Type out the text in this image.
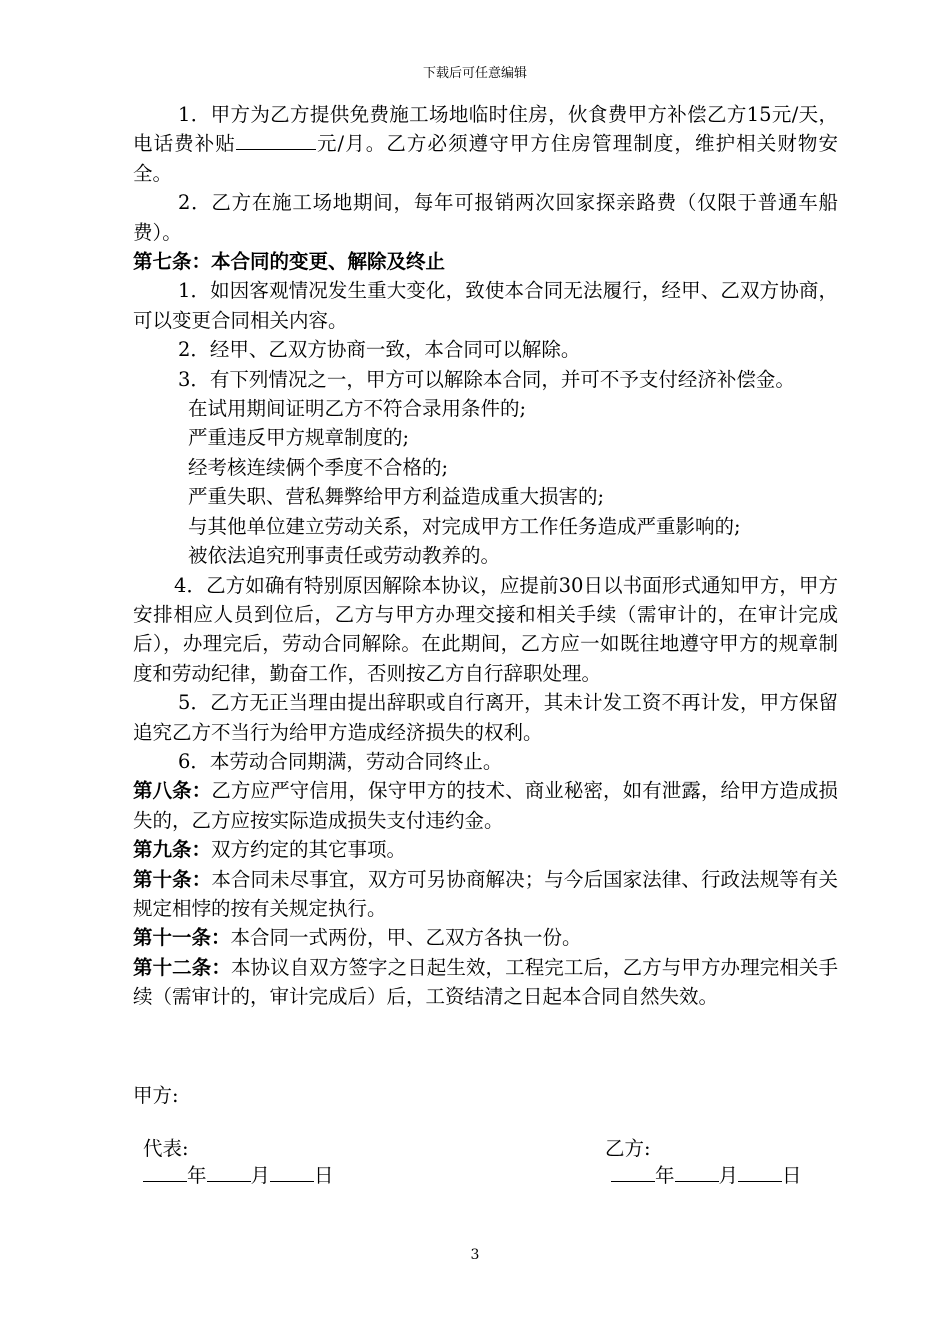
下载后可任意编辑

1．甲方为乙方提供免费施工场地临时住房，伙食费甲方补偿乙方15元/天，电话费补贴	元/月。乙方必须遵守甲方住房管理制度，维护相关财物安全。

2．乙方在施工场地期间，每年可报销两次回家探亲路费（仅限于普通车船费）。

第七条：本合同的变更、解除及终止

1．如因客观情况发生重大变化，致使本合同无法履行，经甲、乙双方协商，可以变更合同相关内容。

2．经甲、乙双方协商一致，本合同可以解除。

3．有下列情况之一，甲方可以解除本合同，并可不予支付经济补偿金。

在试用期间证明乙方不符合录用条件的;

严重违反甲方规章制度的;

经考核连续俩个季度不合格的;

严重失职、营私舞弊给甲方利益造成重大损害的;

与其他单位建立劳动关系，对完成甲方工作任务造成严重影响的;

被依法追究刑事责任或劳动教养的。

4．乙方如确有特别原因解除本协议，应提前30日以书面形式通知甲方，甲方安排相应人员到位后，乙方与甲方办理交接和相关手续（需审计的，在审计完成后），办理完后，劳动合同解除。在此期间，乙方应一如既往地遵守甲方的规章制度和劳动纪律，勤奋工作，否则按乙方自行辞职处理。

5．乙方无正当理由提出辞职或自行离开，其未计发工资不再计发，甲方保留追究乙方不当行为给甲方造成经济损失的权利。

6．本劳动合同期满，劳动合同终止。

第八条：乙方应严守信用，保守甲方的技术、商业秘密，如有泄露，给甲方造成损失的，乙方应按实际造成损失支付违约金。

第九条：双方约定的其它事项。

第十条：本合同未尽事宜，双方可另协商解决；与今后国家法律、行政法规等有关规定相悖的按有关规定执行。

第十一条：本合同一式两份，甲、乙双方各执一份。

第十二条：本协议自双方签字之日起生效，工程完工后，乙方与甲方办理完相关手续（需审计的，审计完成后）后，工资结清之日起本合同自然失效。

甲方:
代表:	乙方:
年 月 日	年 月 日
3
